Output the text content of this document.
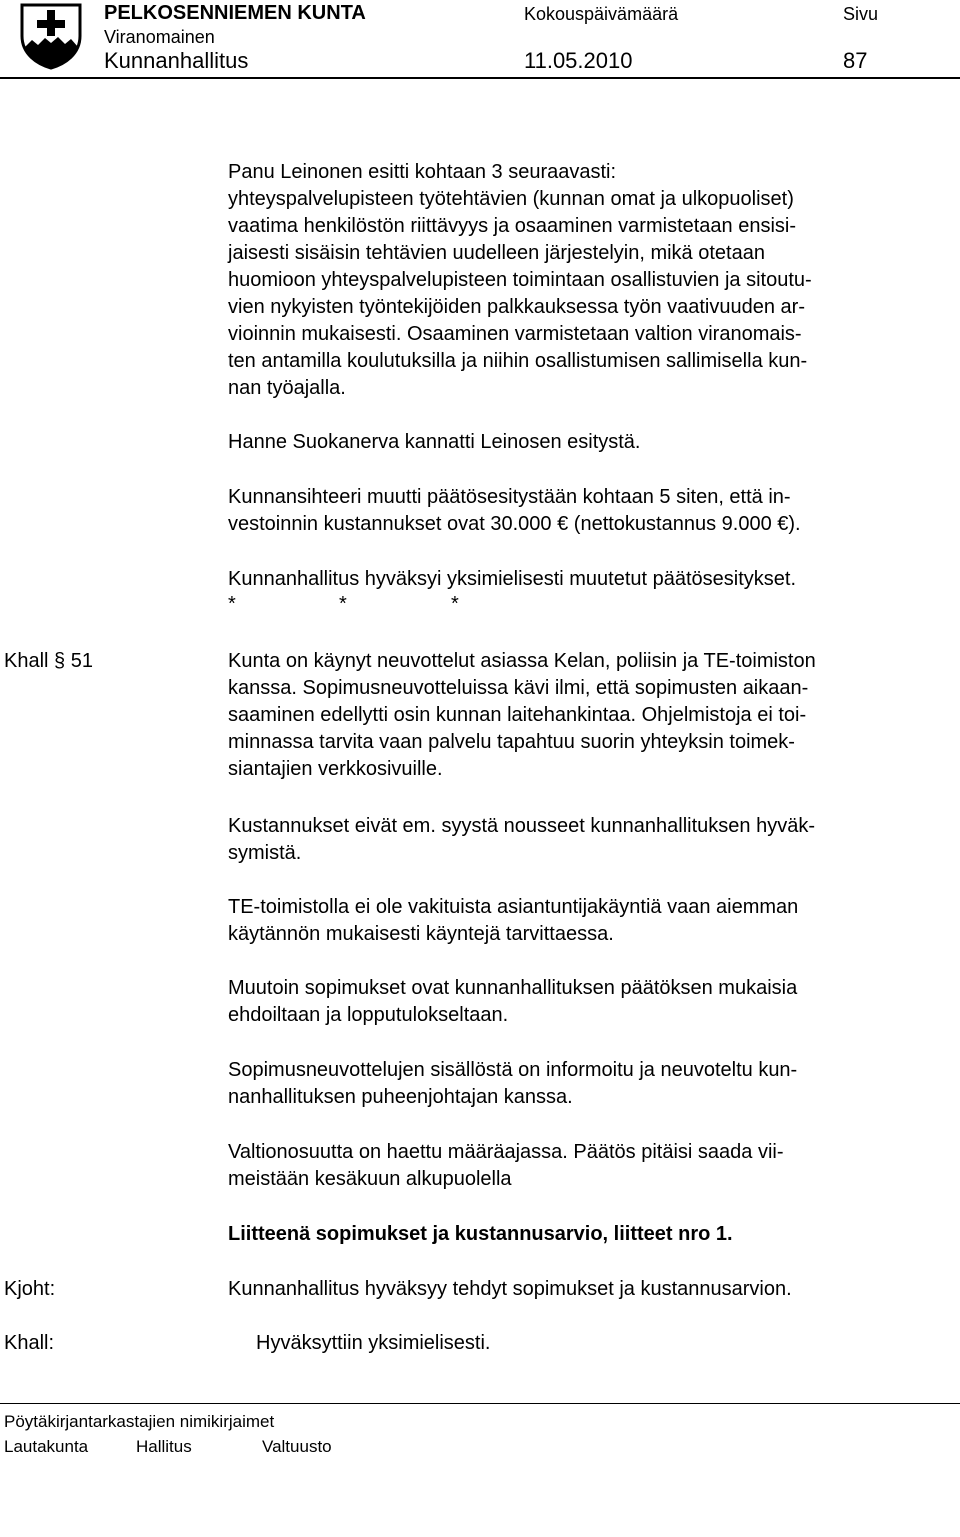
PELKOSENNIEMEN KUNTA
Viranomainen
Kunnanhallitus
Kokouspäivämäärä
11.05.2010
Sivu
87
Panu Leinonen esitti kohtaan 3 seuraavasti:
yhteyspalvelupisteen työtehtävien (kunnan omat ja ulkopuoliset)
vaatima henkilöstön riittävyys ja osaaminen varmistetaan ensisi-
jaisesti sisäisin tehtävien uudelleen järjestelyin, mikä otetaan
huomioon yhteyspalvelupisteen toimintaan osallistuvien ja sitoutu-
vien nykyisten työntekijöiden palkkauksessa työn vaativuuden ar-
vioinnin mukaisesti. Osaaminen varmistetaan valtion viranomais-
ten antamilla koulutuksilla ja niihin osallistumisen sallimisella kun-
nan työajalla.
Hanne Suokanerva kannatti Leinosen esitystä.
Kunnansihteeri muutti päätösesitystään kohtaan 5 siten, että in-
vestoinnin kustannukset ovat 30.000 € (nettokustannus 9.000 €).
Kunnanhallitus hyväksyi yksimielisesti muutetut päätösesitykset.
*	*	*
Khall § 51	Kunta on käynyt neuvottelut asiassa Kelan, poliisin ja TE-toimiston
kanssa. Sopimusneuvotteluissa kävi ilmi, että sopimusten aikaan-
saaminen edellytti osin kunnan laitehankintaa. Ohjelmistoja ei toi-
minnassa tarvita vaan palvelu tapahtuu suorin yhteyksin toimek-
siantajien verkkosivuille.
Kustannukset eivät em. syystä nousseet kunnanhallituksen hyväk-
symistä.
TE-toimistolla ei ole vakituista asiantuntijakäyntiä vaan aiemman
käytännön mukaisesti käyntejä tarvittaessa.
Muutoin sopimukset ovat kunnanhallituksen päätöksen mukaisia
ehdoiltaan ja lopputulokseltaan.
Sopimusneuvottelujen sisällöstä on informoitu ja neuvoteltu kun-
nanhallituksen puheenjohtajan kanssa.
Valtionosuutta on haettu määräajassa. Päätös pitäisi saada vii-
meistään kesäkuun alkupuolella
Liitteenä sopimukset ja kustannusarvio, liitteet nro 1.
Kjoht:	Kunnanhallitus hyväksyy tehdyt sopimukset ja kustannusarvion.
Khall:	Hyväksyttiin yksimielisesti.
Pöytäkirjantarkastajien nimikirjaimet
Lautakunta	Hallitus	Valtuusto
